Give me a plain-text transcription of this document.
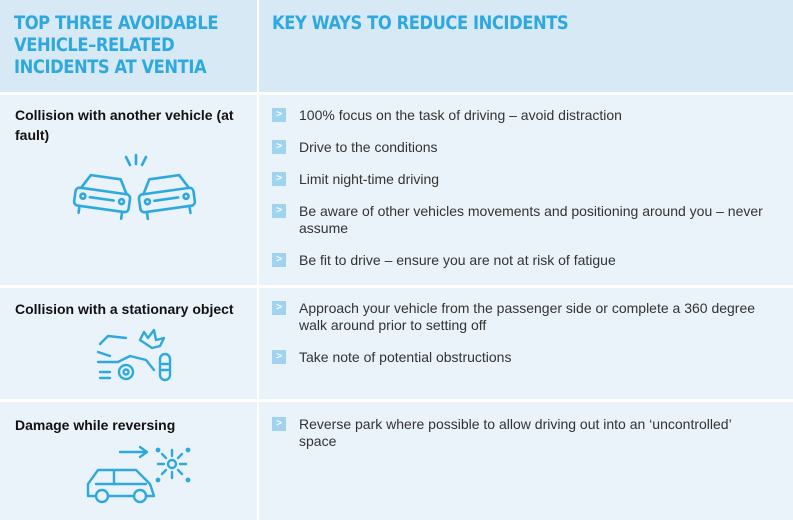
TOP THREE AVOIDABLE VEHICLE–RELATED INCIDENTS AT VENTIA
KEY WAYS TO REDUCE INCIDENTS
Collision with another vehicle (at fault)
> 100% focus on the task of driving – avoid distraction
> Drive to the conditions
> Limit night-time driving
> Be aware of other vehicles movements and positioning around you – never assume
> Be fit to drive – ensure you are not at risk of fatigue
Collision with a stationary object	> Approach your vehicle from the passenger side or complete a 360 degree walk around prior to setting off
> Take note of potential obstructions
Damage while reversing	> Reverse park where possible to allow driving out into an ‘uncontrolled’ space
